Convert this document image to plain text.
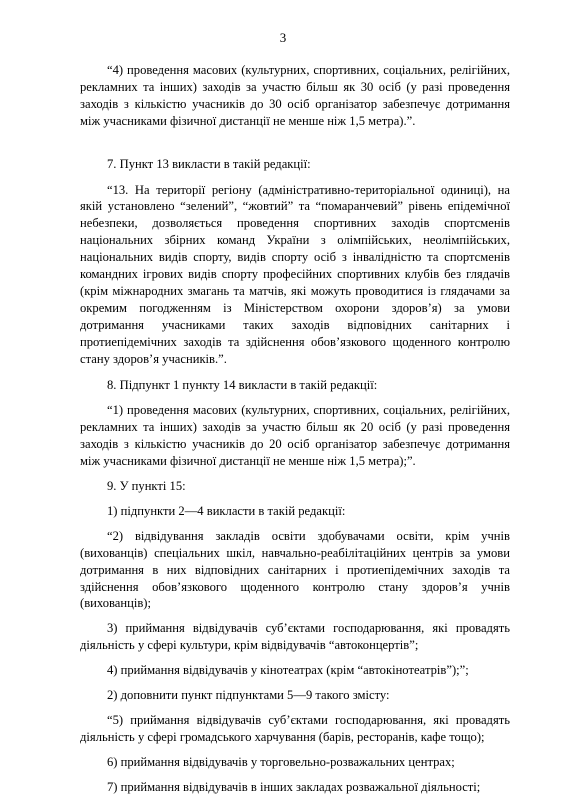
3

“4) проведення масових (культурних, спортивних, соціальних, релігійних, рекламних та інших) заходів за участю більш як 30 осіб (у разі проведення заходів з кількістю учасників до 30 осіб організатор забезпечує дотримання між учасниками фізичної дистанції не менше ніж 1,5 метра).”.

7. Пункт 13 викласти в такій редакції:

“13. На території регіону (адміністративно-територіальної одиниці), на якій установлено “зелений”, “жовтий” та “помаранчевий” рівень епідемічної небезпеки, дозволяється проведення спортивних заходів спортсменів національних збірних команд України з олімпійських, неолімпійських, національних видів спорту, видів спорту осіб з інвалідністю та спортсменів командних ігрових видів спорту професійних спортивних клубів без глядачів (крім міжнародних змагань та матчів, які можуть проводитися із глядачами за окремим погодженням із Міністерством охорони здоров’я) за умови дотримання учасниками таких заходів відповідних санітарних і протиепідемічних заходів та здійснення обов’язкового щоденного контролю стану здоров’я учасників.”.

8. Підпункт 1 пункту 14 викласти в такій редакції:

“1) проведення масових (культурних, спортивних, соціальних, релігійних, рекламних та інших) заходів за участю більш як 20 осіб (у разі проведення заходів з кількістю учасників до 20 осіб організатор забезпечує дотримання між учасниками фізичної дистанції не менше ніж 1,5 метра);”.

9. У пункті 15:

1) підпункти 2—4 викласти в такій редакції:

“2) відвідування закладів освіти здобувачами освіти, крім учнів (вихованців) спеціальних шкіл, навчально-реабілітаційних центрів за умови дотримання в них відповідних санітарних і протиепідемічних заходів та здійснення обов’язкового щоденного контролю стану здоров’я учнів (вихованців);

3) приймання відвідувачів суб’єктами господарювання, які провадять діяльність у сфері культури, крім відвідувачів “автоконцертів”;

4) приймання відвідувачів у кінотеатрах (крім “автокінотеатрів”);”;

2) доповнити пункт підпунктами 5—9 такого змісту:

“5) приймання відвідувачів суб’єктами господарювання, які провадять діяльність у сфері громадського харчування (барів, ресторанів, кафе тощо);

6) приймання відвідувачів у торговельно-розважальних центрах;

7) приймання відвідувачів в інших закладах розважальної діяльності;
